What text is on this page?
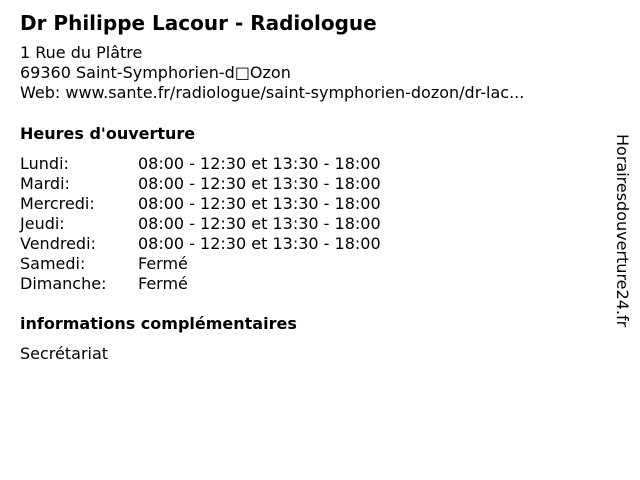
Dr Philippe Lacour - Radiologue
1 Rue du Plâtre
69360 Saint-Symphorien-d□Ozon
Web: www.sante.fr/radiologue/saint-symphorien-dozon/dr-lac...
Heures d'ouverture
Lundi:	08:00 - 12:30 et 13:30 - 18:00
Mardi:	08:00 - 12:30 et 13:30 - 18:00
Mercredi:	08:00 - 12:30 et 13:30 - 18:00
Jeudi:	08:00 - 12:30 et 13:30 - 18:00
Vendredi:	08:00 - 12:30 et 13:30 - 18:00
Samedi:	Fermé
Dimanche:	Fermé
informations complémentaires
Secrétariat
Horairesdouverture24.fr
